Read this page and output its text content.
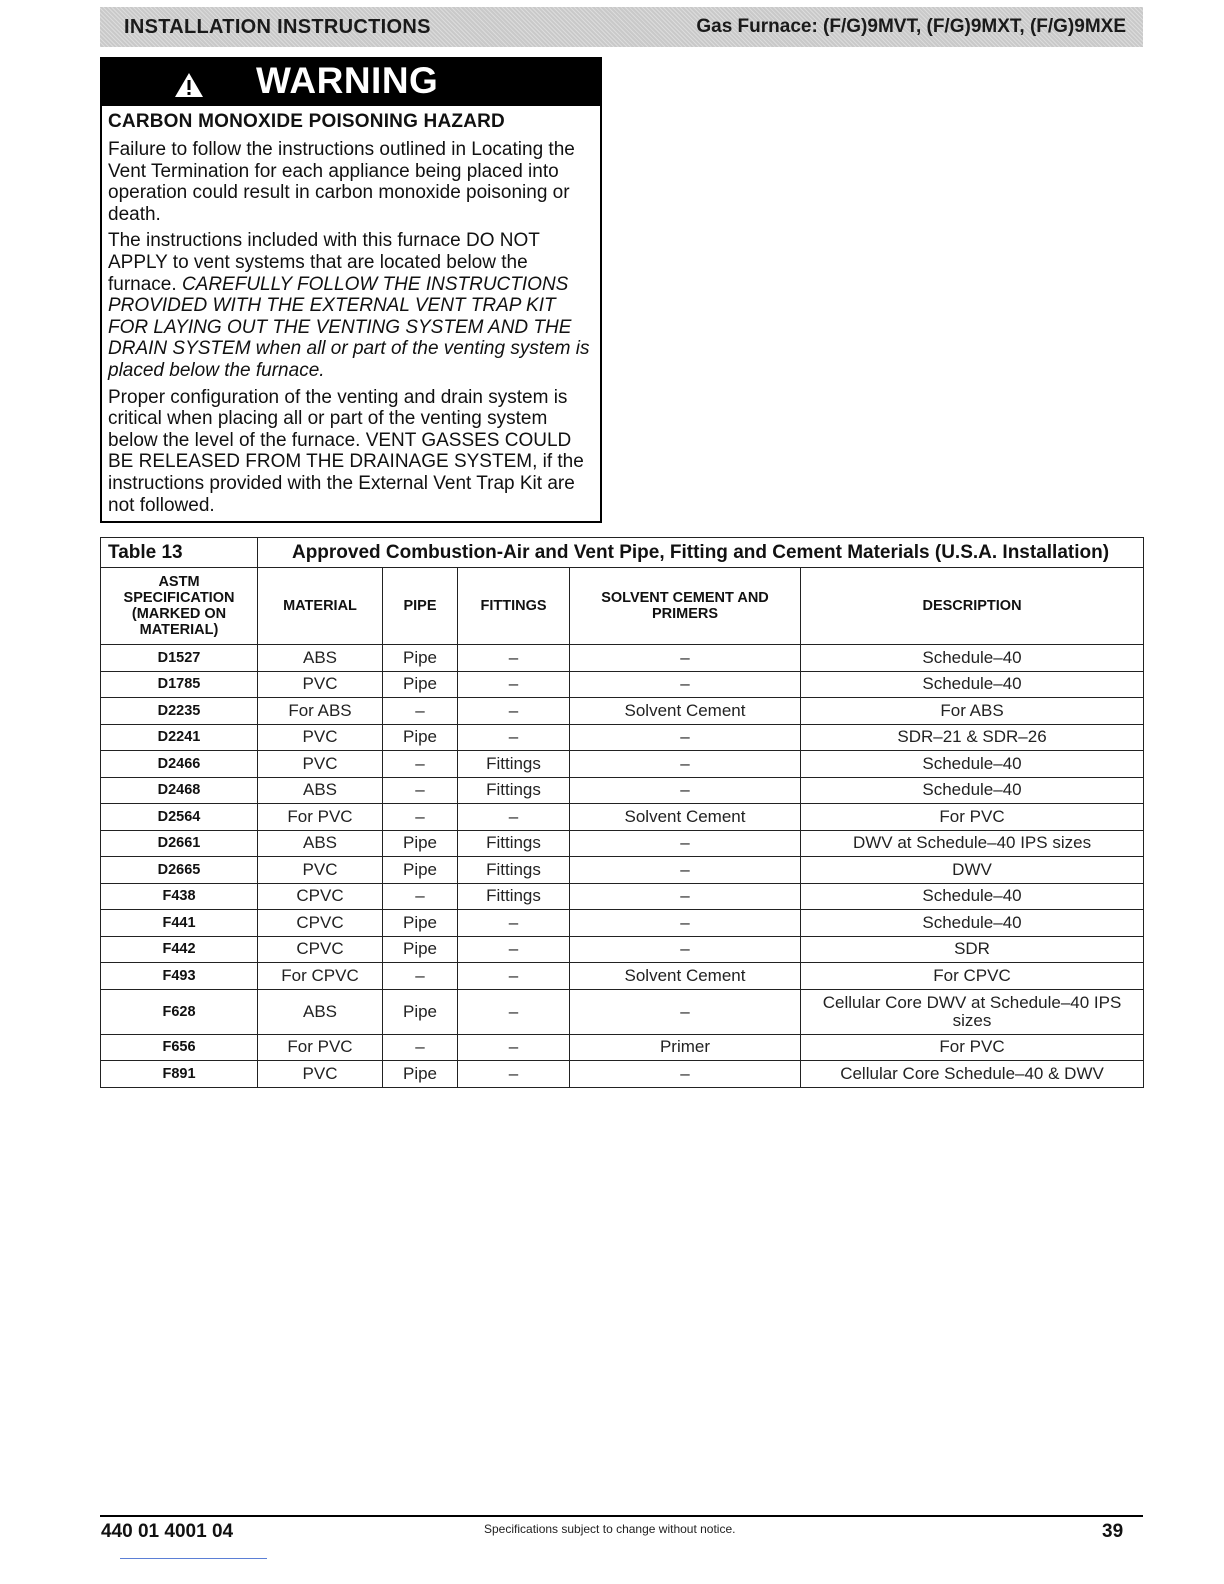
INSTALLATION INSTRUCTIONS	Gas Furnace: (F/G)9MVT, (F/G)9MXT, (F/G)9MXE
WARNING
CARBON MONOXIDE POISONING HAZARD

Failure to follow the instructions outlined in Locating the Vent Termination for each appliance being placed into operation could result in carbon monoxide poisoning or death.

The instructions included with this furnace DO NOT APPLY to vent systems that are located below the furnace. CAREFULLY FOLLOW THE INSTRUCTIONS PROVIDED WITH THE EXTERNAL VENT TRAP KIT FOR LAYING OUT THE VENTING SYSTEM AND THE DRAIN SYSTEM when all or part of the venting system is placed below the furnace.

Proper configuration of the venting and drain system is critical when placing all or part of the venting system below the level of the furnace. VENT GASSES COULD BE RELEASED FROM THE DRAINAGE SYSTEM, if the instructions provided with the External Vent Trap Kit are not followed.

Table 13	Approved Combustion-Air and Vent Pipe, Fitting and Cement Materials (U.S.A. Installation)				
ASTM SPECIFICATION (MARKED ON MATERIAL)	MATERIAL	PIPE	FITTINGS	SOLVENT CEMENT AND PRIMERS	DESCRIPTION
D1527	ABS	Pipe	–	–	Schedule–40
D1785	PVC	Pipe	–	–	Schedule–40
D2235	For ABS	–	–	Solvent Cement	For ABS
D2241	PVC	Pipe	–	–	SDR–21 & SDR–26
D2466	PVC	–	Fittings	–	Schedule–40
D2468	ABS	–	Fittings	–	Schedule–40
D2564	For PVC	–	–	Solvent Cement	For PVC
D2661	ABS	Pipe	Fittings	–	DWV at Schedule–40 IPS sizes
D2665	PVC	Pipe	Fittings	–	DWV
F438	CPVC	–	Fittings	–	Schedule–40
F441	CPVC	Pipe	–	–	Schedule–40
F442	CPVC	Pipe	–	–	SDR
F493	For CPVC	–	–	Solvent Cement	For CPVC
F628	ABS	Pipe	–	–	Cellular Core DWV at Schedule–40 IPS sizes
F656	For PVC	–	–	Primer	For PVC
F891	PVC	Pipe	–	–	Cellular Core Schedule–40 & DWV
440 01 4001 04	Specifications subject to change without notice.	39
